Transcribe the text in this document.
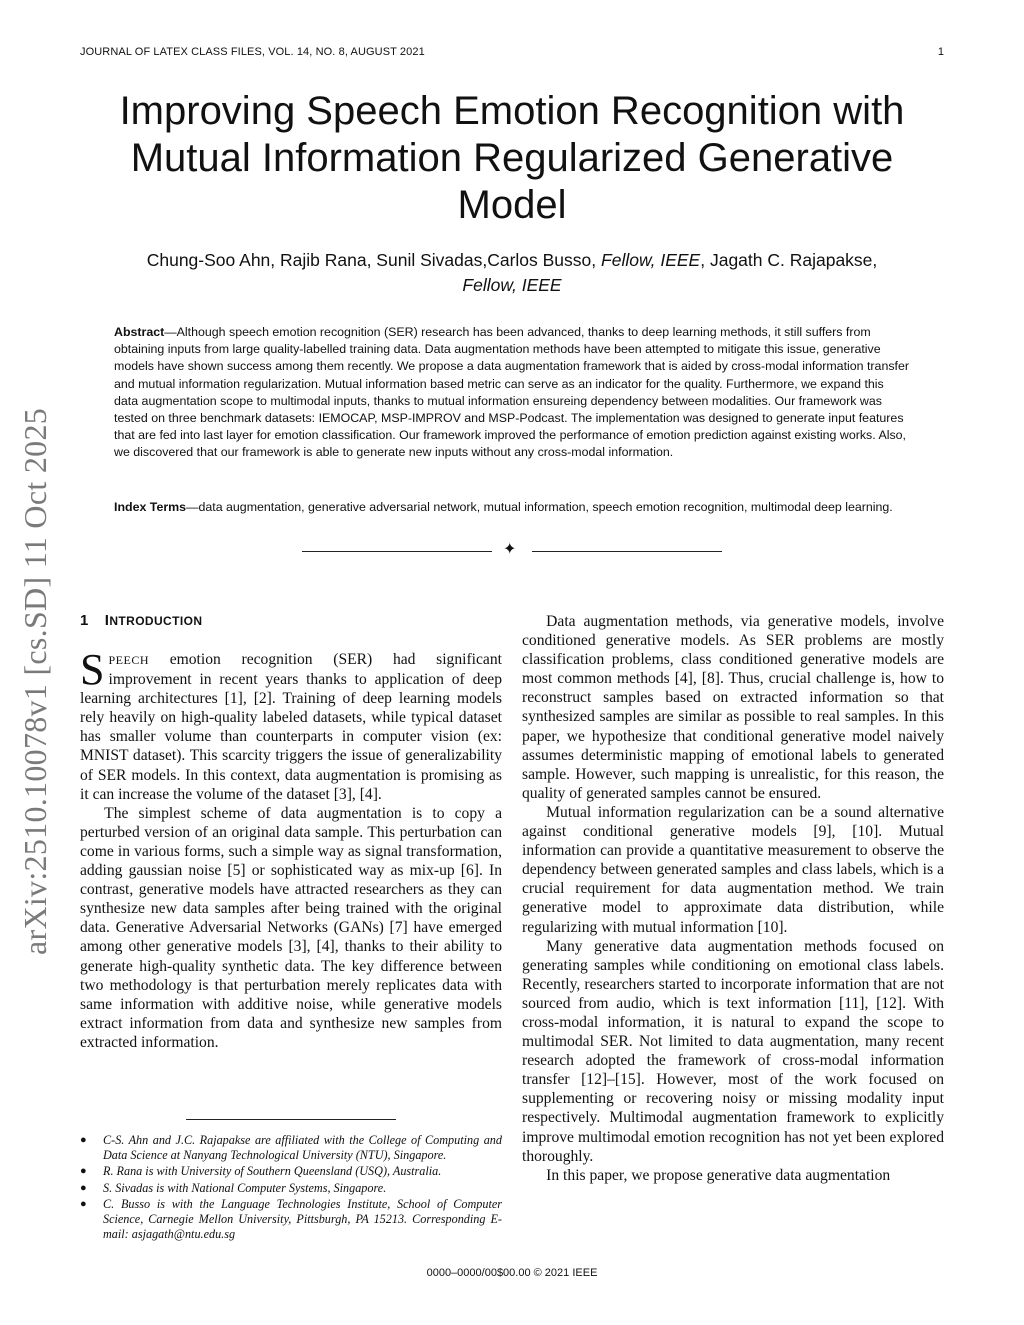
JOURNAL OF LATEX CLASS FILES, VOL. 14, NO. 8, AUGUST 2021	1
arXiv:2510.10078v1 [cs.SD] 11 Oct 2025
Improving Speech Emotion Recognition with Mutual Information Regularized Generative Model
Chung-Soo Ahn, Rajib Rana, Sunil Sivadas,Carlos Busso, Fellow, IEEE, Jagath C. Rajapakse, Fellow, IEEE

Abstract—Although speech emotion recognition (SER) research has been advanced, thanks to deep learning methods, it still suffers from obtaining inputs from large quality-labelled training data. Data augmentation methods have been attempted to mitigate this issue, generative models have shown success among them recently. We propose a data augmentation framework that is aided by cross-modal information transfer and mutual information regularization. Mutual information based metric can serve as an indicator for the quality. Furthermore, we expand this data augmentation scope to multimodal inputs, thanks to mutual information ensureing dependency between modalities. Our framework was tested on three benchmark datasets: IEMOCAP, MSP-IMPROV and MSP-Podcast. The implementation was designed to generate input features that are fed into last layer for emotion classification. Our framework improved the performance of emotion prediction against existing works. Also, we discovered that our framework is able to generate new inputs without any cross-modal information.

Index Terms—data augmentation, generative adversarial network, mutual information, speech emotion recognition, multimodal deep learning.

✦
1 INTRODUCTION

SPEECH emotion recognition (SER) had significant improvement in recent years thanks to application of deep learning architectures [1], [2]. Training of deep learning models rely heavily on high-quality labeled datasets, while typical dataset has smaller volume than counterparts in computer vision (ex: MNIST dataset). This scarcity triggers the issue of generalizability of SER models. In this context, data augmentation is promising as it can increase the volume of the dataset [3], [4].

The simplest scheme of data augmentation is to copy a perturbed version of an original data sample. This perturbation can come in various forms, such a simple way as signal transformation, adding gaussian noise [5] or sophisticated way as mix-up [6]. In contrast, generative models have attracted researchers as they can synthesize new data samples after being trained with the original data. Generative Adversarial Networks (GANs) [7] have emerged among other generative models [3], [4], thanks to their ability to generate high-quality synthetic data. The key difference between two methodology is that perturbation merely replicates data with same information with additive noise, while generative models extract information from data and synthesize new samples from extracted information.

● C-S. Ahn and J.C. Rajapakse are affiliated with the College of Computing and Data Science at Nanyang Technological University (NTU), Singapore.
● R. Rana is with University of Southern Queensland (USQ), Australia.
● S. Sivadas is with National Computer Systems, Singapore.
● C. Busso is with the Language Technologies Institute, School of Computer Science, Carnegie Mellon University, Pittsburgh, PA 15213. Corresponding E-mail: asjagath@ntu.edu.sg

Data augmentation methods, via generative models, involve conditioned generative models. As SER problems are mostly classification problems, class conditioned generative models are most common methods [4], [8]. Thus, crucial challenge is, how to reconstruct samples based on extracted information so that synthesized samples are similar as possible to real samples. In this paper, we hypothesize that conditional generative model naively assumes deterministic mapping of emotional labels to generated sample. However, such mapping is unrealistic, for this reason, the quality of generated samples cannot be ensured.

Mutual information regularization can be a sound alternative against conditional generative models [9], [10]. Mutual information can provide a quantitative measurement to observe the dependency between generated samples and class labels, which is a crucial requirement for data augmentation method. We train generative model to approximate data distribution, while regularizing with mutual information [10].

Many generative data augmentation methods focused on generating samples while conditioning on emotional class labels. Recently, researchers started to incorporate information that are not sourced from audio, which is text information [11], [12]. With cross-modal information, it is natural to expand the scope to multimodal SER. Not limited to data augmentation, many recent research adopted the framework of cross-modal information transfer [12]–[15]. However, most of the work focused on supplementing or recovering noisy or missing modality input respectively. Multimodal augmentation framework to explicitly improve multimodal emotion recognition has not yet been explored thoroughly.

In this paper, we propose generative data augmentation

0000–0000/00$00.00 © 2021 IEEE
